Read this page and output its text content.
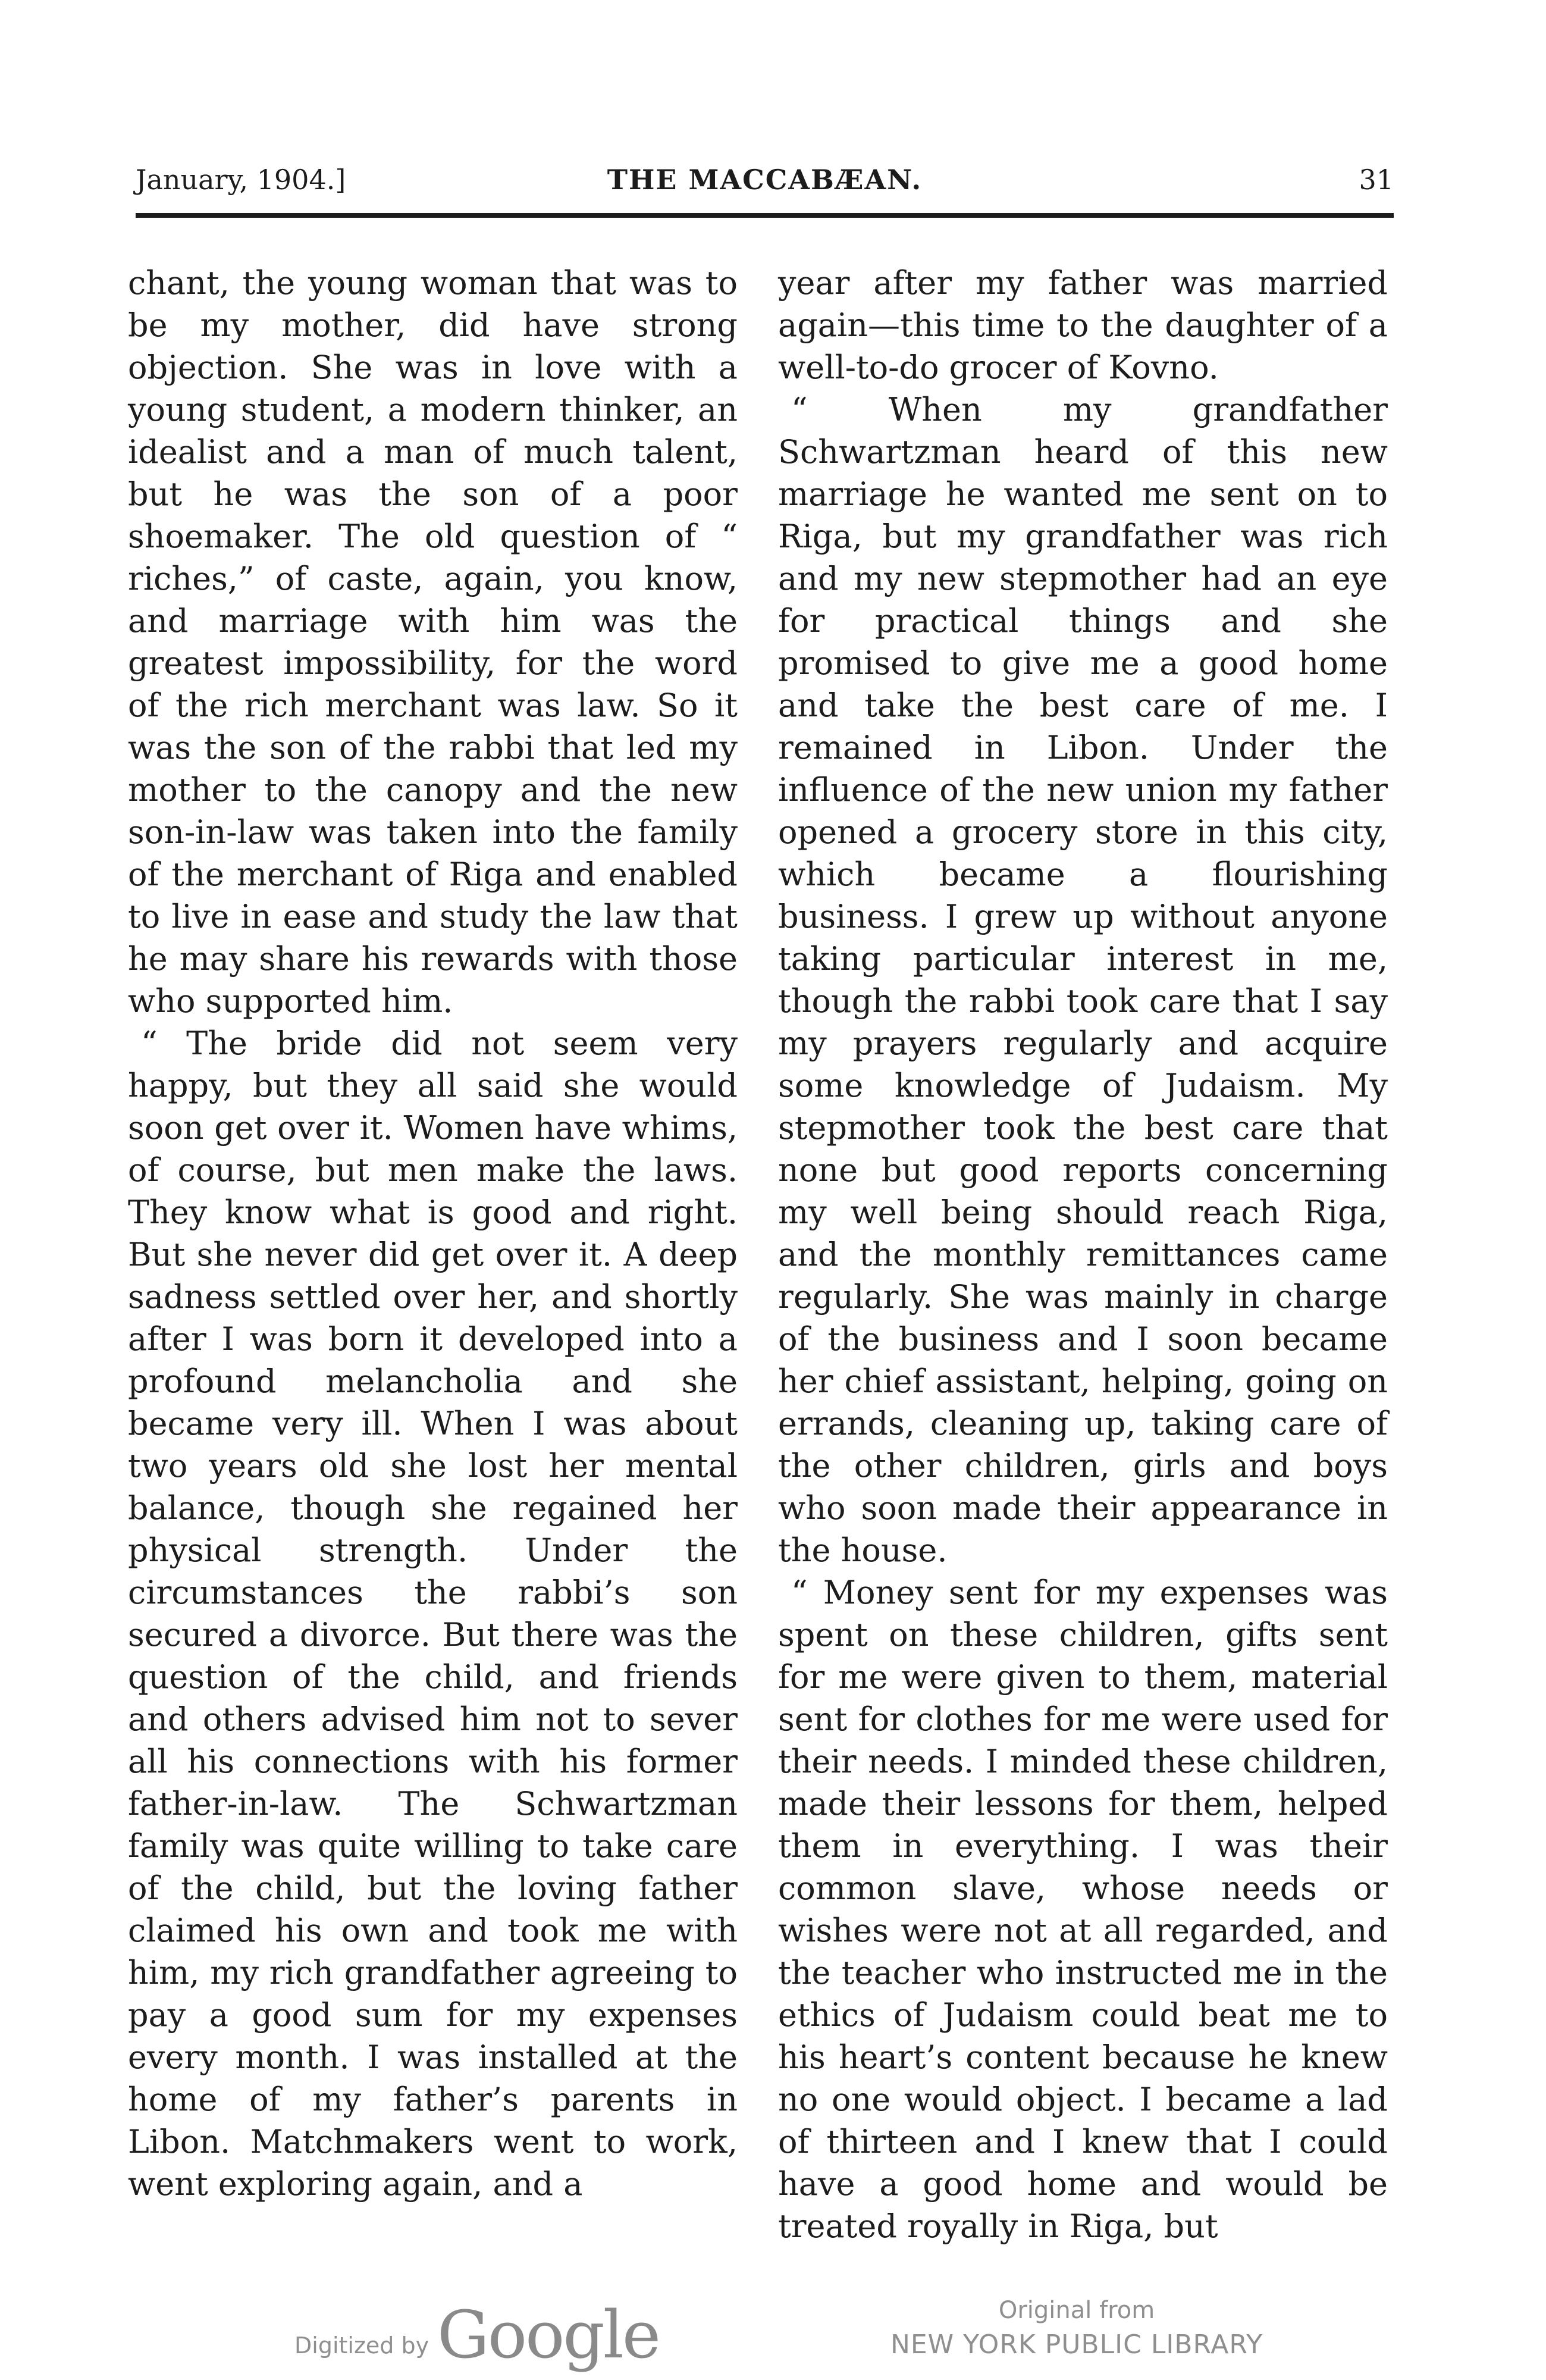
January, 1904.]	THE MACCABÆAN.	31

chant, the young woman that was to be my mother, did have strong objection. She was in love with a young student, a modern thinker, an idealist and a man of much talent, but he was the son of a poor shoemaker. The old question of “ riches,” of caste, again, you know, and marriage with him was the greatest impossibility, for the word of the rich merchant was law. So it was the son of the rabbi that led my mother to the canopy and the new son-in-law was taken into the family of the merchant of Riga and enabled to live in ease and study the law that he may share his rewards with those who supported him.

“ The bride did not seem very happy, but they all said she would soon get over it. Women have whims, of course, but men make the laws. They know what is good and right. But she never did get over it. A deep sadness settled over her, and shortly after I was born it developed into a profound melancholia and she became very ill. When I was about two years old she lost her mental balance, though she regained her physical strength. Under the circumstances the rabbi’s son secured a divorce. But there was the question of the child, and friends and others advised him not to sever all his connections with his former father-in-law. The Schwartzman family was quite willing to take care of the child, but the loving father claimed his own and took me with him, my rich grandfather agreeing to pay a good sum for my expenses every month. I was installed at the home of my father’s parents in Libon. Matchmakers went to work, went exploring again, and a

year after my father was married again—this time to the daughter of a well-to-do grocer of Kovno.

“ When my grandfather Schwartzman heard of this new marriage he wanted me sent on to Riga, but my grandfather was rich and my new stepmother had an eye for practical things and she promised to give me a good home and take the best care of me. I remained in Libon. Under the influence of the new union my father opened a grocery store in this city, which became a flourishing business. I grew up without anyone taking particular interest in me, though the rabbi took care that I say my prayers regularly and acquire some knowledge of Judaism. My stepmother took the best care that none but good reports concerning my well being should reach Riga, and the monthly remittances came regularly. She was mainly in charge of the business and I soon became her chief assistant, helping, going on errands, cleaning up, taking care of the other children, girls and boys who soon made their appearance in the house.

“ Money sent for my expenses was spent on these children, gifts sent for me were given to them, material sent for clothes for me were used for their needs. I minded these children, made their lessons for them, helped them in everything. I was their common slave, whose needs or wishes were not at all regarded, and the teacher who instructed me in the ethics of Judaism could beat me to his heart’s content because he knew no one would object. I became a lad of thirteen and I knew that I could have a good home and would be treated royally in Riga, but

Digitized by Google	Original from
NEW YORK PUBLIC LIBRARY
